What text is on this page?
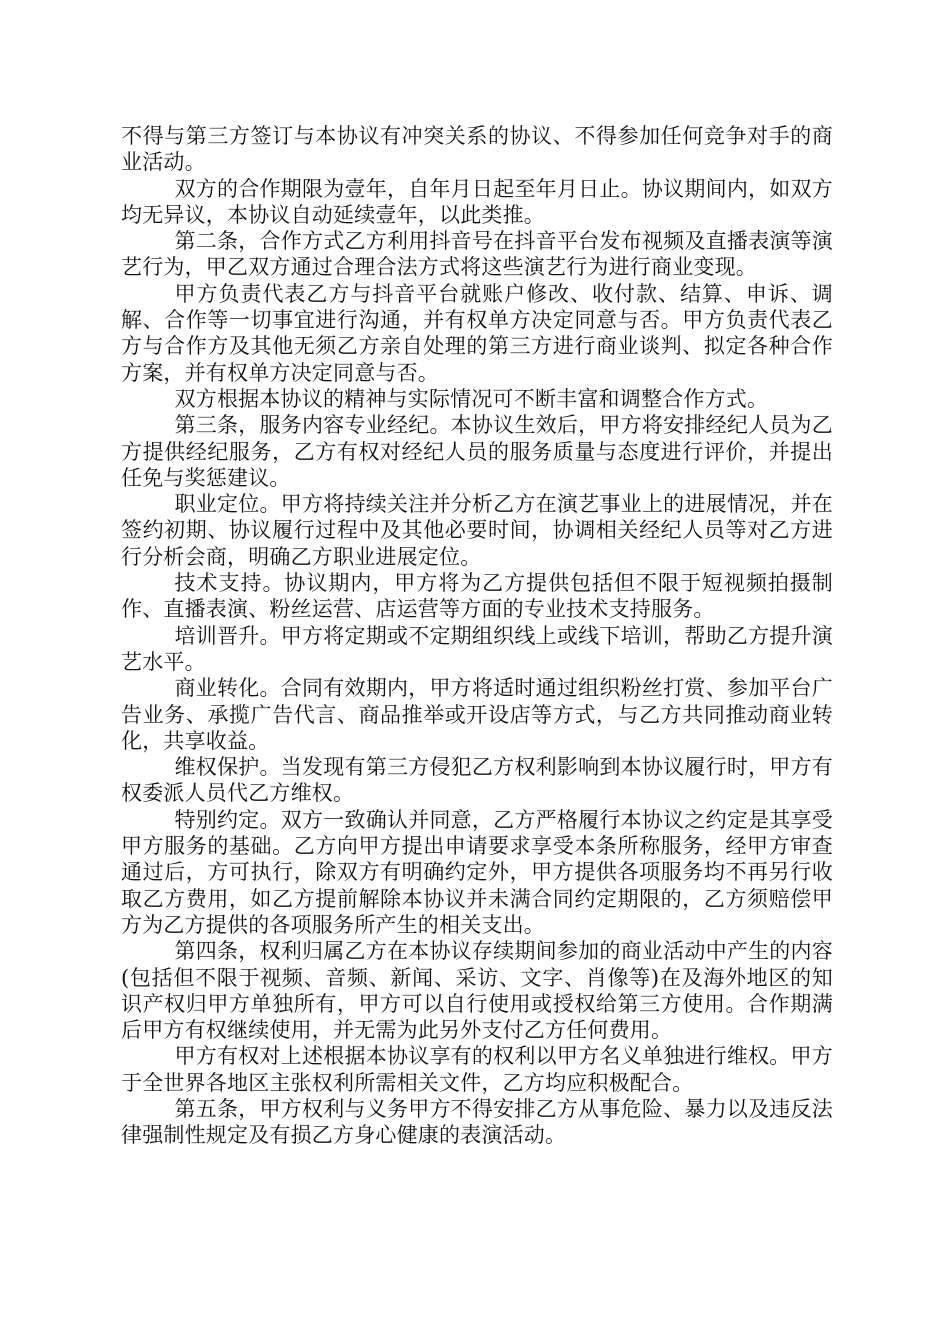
不得与第三方签订与本协议有冲突关系的协议、不得参加任何竞争对手的商业活动。

双方的合作期限为壹年，自年月日起至年月日止。协议期间内，如双方均无异议，本协议自动延续壹年，以此类推。

第二条，合作方式乙方利用抖音号在抖音平台发布视频及直播表演等演艺行为，甲乙双方通过合理合法方式将这些演艺行为进行商业变现。

甲方负责代表乙方与抖音平台就账户修改、收付款、结算、申诉、调解、合作等一切事宜进行沟通，并有权单方决定同意与否。甲方负责代表乙方与合作方及其他无须乙方亲自处理的第三方进行商业谈判、拟定各种合作方案，并有权单方决定同意与否。

双方根据本协议的精神与实际情况可不断丰富和调整合作方式。

第三条，服务内容专业经纪。本协议生效后，甲方将安排经纪人员为乙方提供经纪服务，乙方有权对经纪人员的服务质量与态度进行评价，并提出任免与奖惩建议。

职业定位。甲方将持续关注并分析乙方在演艺事业上的进展情况，并在签约初期、协议履行过程中及其他必要时间，协调相关经纪人员等对乙方进行分析会商，明确乙方职业进展定位。

技术支持。协议期内，甲方将为乙方提供包括但不限于短视频拍摄制作、直播表演、粉丝运营、店运营等方面的专业技术支持服务。

培训晋升。甲方将定期或不定期组织线上或线下培训，帮助乙方提升演艺水平。

商业转化。合同有效期内，甲方将适时通过组织粉丝打赏、参加平台广告业务、承揽广告代言、商品推举或开设店等方式，与乙方共同推动商业转化，共享收益。

维权保护。当发现有第三方侵犯乙方权利影响到本协议履行时，甲方有权委派人员代乙方维权。

特别约定。双方一致确认并同意，乙方严格履行本协议之约定是其享受甲方服务的基础。乙方向甲方提出申请要求享受本条所称服务，经甲方审查通过后，方可执行，除双方有明确约定外，甲方提供各项服务均不再另行收取乙方费用，如乙方提前解除本协议并未满合同约定期限的，乙方须赔偿甲方为乙方提供的各项服务所产生的相关支出。

第四条，权利归属乙方在本协议存续期间参加的商业活动中产生的内容(包括但不限于视频、音频、新闻、采访、文字、肖像等)在及海外地区的知识产权归甲方单独所有，甲方可以自行使用或授权给第三方使用。合作期满后甲方有权继续使用，并无需为此另外支付乙方任何费用。

甲方有权对上述根据本协议享有的权利以甲方名义单独进行维权。甲方于全世界各地区主张权利所需相关文件，乙方均应积极配合。

第五条，甲方权利与义务甲方不得安排乙方从事危险、暴力以及违反法律强制性规定及有损乙方身心健康的表演活动。
